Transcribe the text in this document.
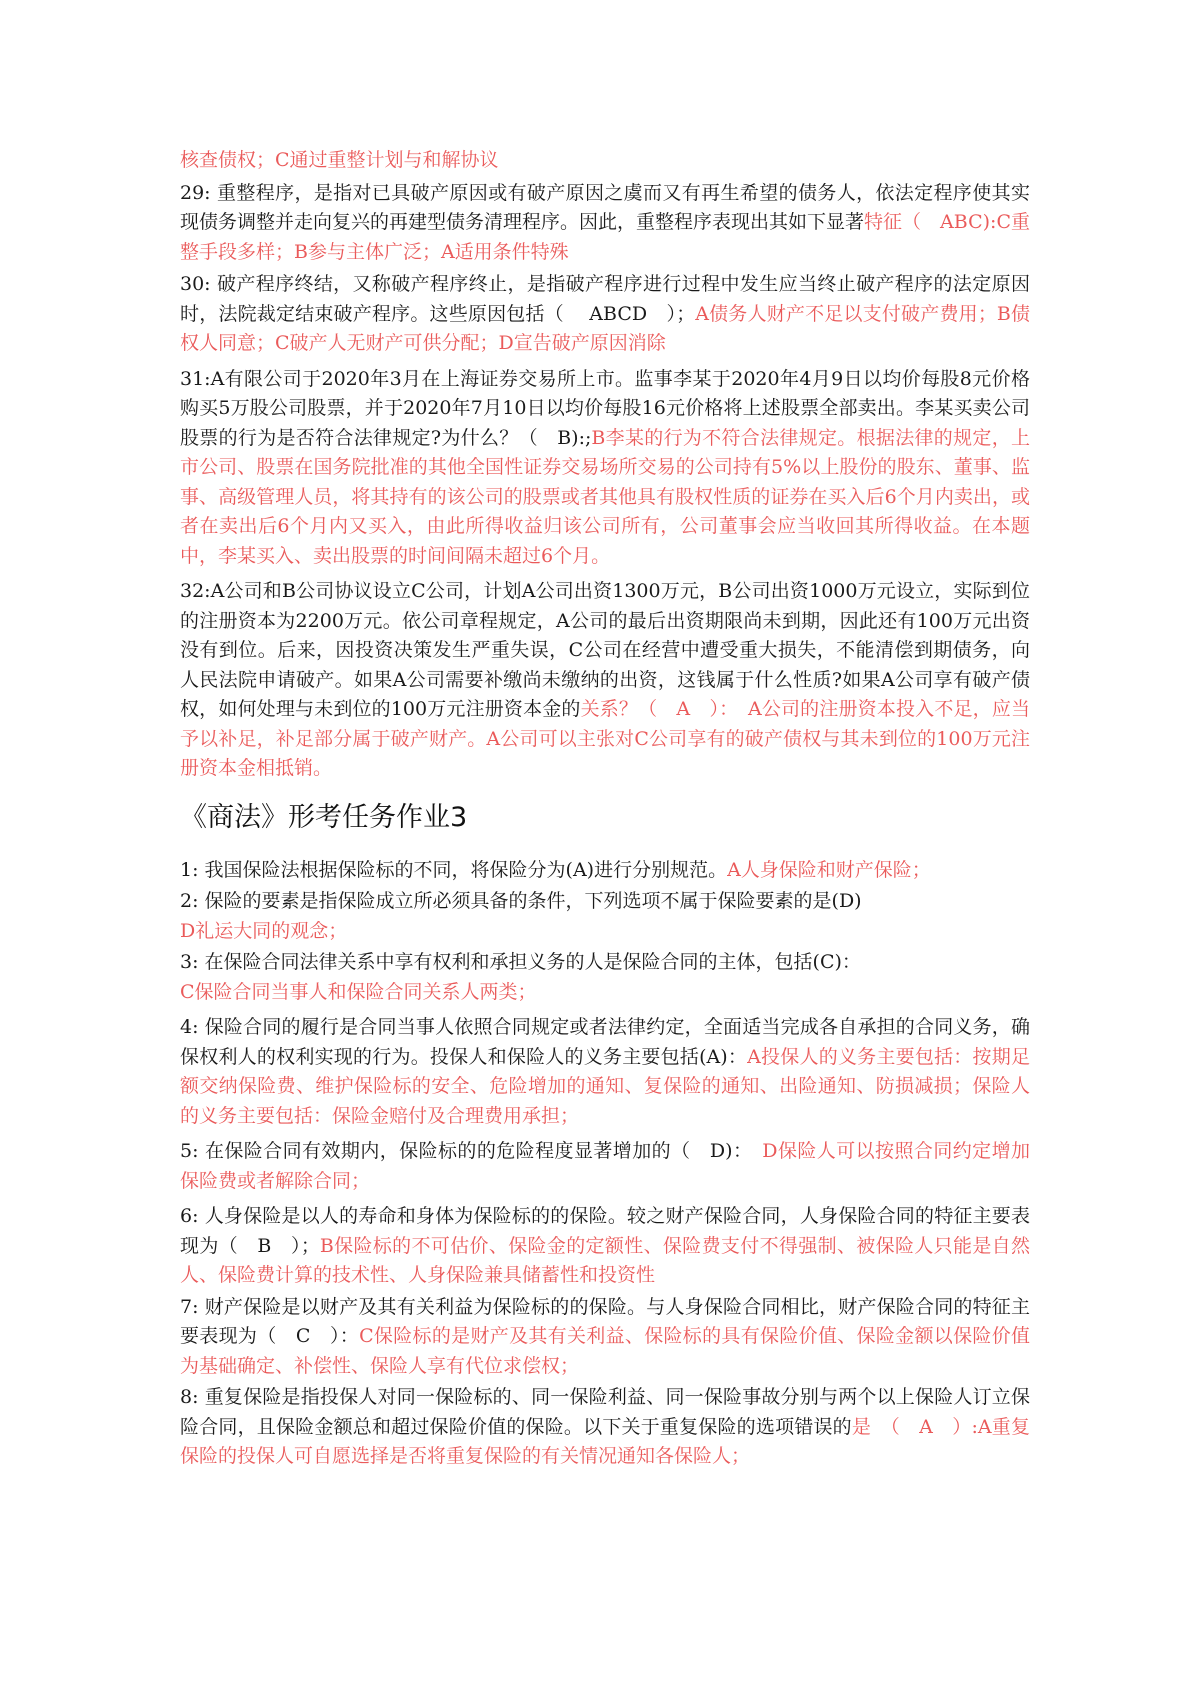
核查债权；C通过重整计划与和解协议

29: 重整程序，是指对已具破产原因或有破产原因之虞而又有再生希望的债务人，依法定程序使其实现债务调整并走向复兴的再建型债务清理程序。因此，重整程序表现出其如下显著特征（　ABC):C重整手段多样；B参与主体广泛；A适用条件特殊

30: 破产程序终结，又称破产程序终止，是指破产程序进行过程中发生应当终止破产程序的法定原因时，法院裁定结束破产程序。这些原因包括（　 ABCD　）；A债务人财产不足以支付破产费用；B债权人同意；C破产人无财产可供分配；D宣告破产原因消除

31:A有限公司于2020年3月在上海证券交易所上市。监事李某于2020年4月9日以均价每股8元价格购买5万股公司股票，并于2020年7月10日以均价每股16元价格将上述股票全部卖出。李某买卖公司股票的行为是否符合法律规定?为什么？（　B):;B李某的行为不符合法律规定。根据法律的规定，上市公司、股票在国务院批准的其他全国性证券交易场所交易的公司持有5%以上股份的股东、董事、监事、高级管理人员，将其持有的该公司的股票或者其他具有股权性质的证券在买入后6个月内卖出，或者在卖出后6个月内又买入，由此所得收益归该公司所有，公司董事会应当收回其所得收益。在本题中，李某买入、卖出股票的时间间隔未超过6个月。

32:A公司和B公司协议设立C公司，计划A公司出资1300万元，B公司出资1000万元设立，实际到位的注册资本为2200万元。依公司章程规定，A公司的最后出资期限尚未到期，因此还有100万元出资没有到位。后来，因投资决策发生严重失误，C公司在经营中遭受重大损失，不能清偿到期债务，向人民法院申请破产。如果A公司需要补缴尚未缴纳的出资，这钱属于什么性质?如果A公司享有破产债权，如何处理与未到位的100万元注册资本金的关系？（　A　）：　A公司的注册资本投入不足，应当予以补足，补足部分属于破产财产。A公司可以主张对C公司享有的破产债权与其未到位的100万元注册资本金相抵销。

《商法》形考任务作业3

1: 我国保险法根据保险标的不同，将保险分为(A)进行分别规范。A人身保险和财产保险；

2: 保险的要素是指保险成立所必须具备的条件，下列选项不属于保险要素的是(D)
D礼运大同的观念；

3: 在保险合同法律关系中享有权利和承担义务的人是保险合同的主体，包括(C)：
C保险合同当事人和保险合同关系人两类；

4: 保险合同的履行是合同当事人依照合同规定或者法律约定，全面适当完成各自承担的合同义务，确保权利人的权利实现的行为。投保人和保险人的义务主要包括(A)：A投保人的义务主要包括：按期足额交纳保险费、维护保险标的安全、危险增加的通知、复保险的通知、出险通知、防损减损；保险人的义务主要包括：保险金赔付及合理费用承担；

5: 在保险合同有效期内，保险标的的危险程度显著增加的（　D)：　D保险人可以按照合同约定增加保险费或者解除合同；

6: 人身保险是以人的寿命和身体为保险标的的保险。较之财产保险合同，人身保险合同的特征主要表现为（　B　）；B保险标的不可估价、保险金的定额性、保险费支付不得强制、被保险人只能是自然人、保险费计算的技术性、人身保险兼具储蓄性和投资性

7: 财产保险是以财产及其有关利益为保险标的的保险。与人身保险合同相比，财产保险合同的特征主要表现为（　C　）：C保险标的是财产及其有关利益、保险标的具有保险价值、保险金额以保险价值为基础确定、补偿性、保险人享有代位求偿权；

8: 重复保险是指投保人对同一保险标的、同一保险利益、同一保险事故分别与两个以上保险人订立保险合同，且保险金额总和超过保险价值的保险。以下关于重复保险的选项错误的是　（　A　）:A重复保险的投保人可自愿选择是否将重复保险的有关情况通知各保险人；
